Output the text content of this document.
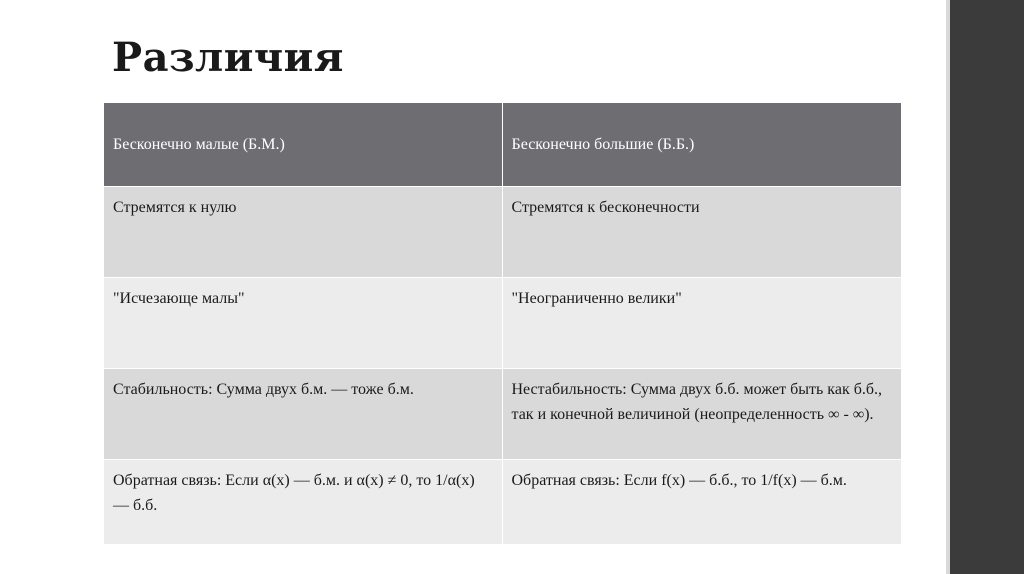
Различия
Бесконечно малые (Б.М.)	Бесконечно большие (Б.Б.)
Стремятся к нулю	Стремятся к бесконечности
"Исчезающе малы"	"Неограниченно велики"
Стабильность: Сумма двух б.м. — тоже б.м.	Нестабильность: Сумма двух б.б. может быть как б.б., так и конечной величиной (неопределенность ∞ - ∞).
Обратная связь: Если α(x) — б.м. и α(x) ≠ 0, то 1/α(x) — б.б.	Обратная связь: Если f(x) — б.б., то 1/f(x) — б.м.
